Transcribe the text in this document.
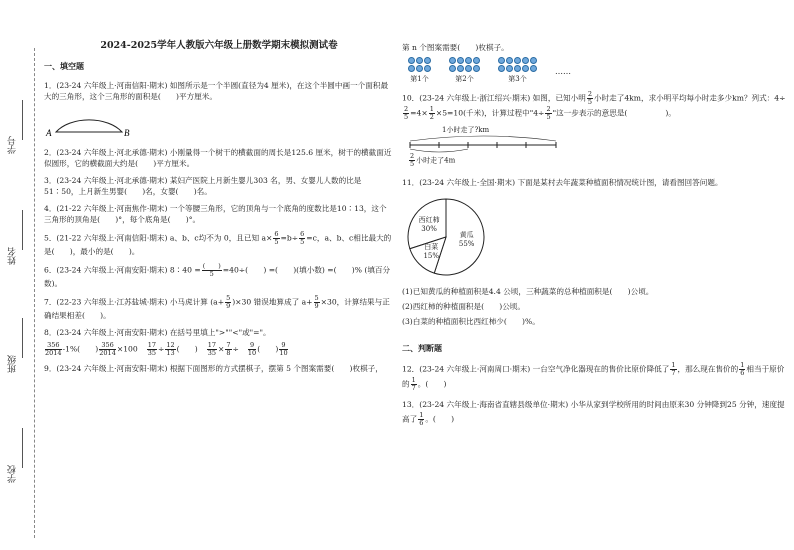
学号
姓名
班级
学校
2024-2025学年人教版六年级上册数学期末模拟测试卷
一、填空题

1．(23-24 六年级上·河南信阳·期末) 如图所示是一个半圆(直径为4 厘米)，在这个半圆中画一个面积最大的三角形，这个三角形的面积是(　　)平方厘米。

A	B

2．(23-24 六年级上·河北承德·期末) 小刚量得一个树干的横截面的周长是125.6 厘米，树干的横截面近似圆形，它的横截面大约是(　　)平方厘米。

3．(23-24 六年级上·河北承德·期末) 某妇产医院上月新生婴儿303 名，男、女婴儿人数的比是51∶50，上月新生男婴(　　)名，女婴(　　)名。

4．(21-22 六年级上·河南焦作·期末) 一个等腰三角形，它的顶角与一个底角的度数比是10∶13，这个三角形的顶角是(　　)°，每个底角是(　　)°。

5．(21-22 六年级上·河南信阳·期末) a、b、c均不为 0，且已知 $a\times \frac{6}{5} =b\div \frac{6}{5} =c$，a、b、c相比最大的是(　　)，最小的是(　　)。

6．(23-24 六年级上·河南安阳·期末) 8∶40 = $\frac{( )}{5} =40\div$(　　) =(　　)(填小数) =(　　)% (填百分数)。

7．(22-23 六年级上·江苏盐城·期末) 小马虎计算 $(a+ \frac{5}{9} )\times 30$ 错误地算成了 $a+ \frac{5}{9} \times 30$，计算结果与正确结果相差(　　)。

8．(23-24 六年级上·河南安阳·期末) 在括号里填上">""<"或"="。

$\frac{356}{2014} -1\%$(　　) $\frac{356}{2014} \times 100 \frac{17}{35} \div \frac{12}{13}$ (　　) $\frac{17}{35} \times \frac{7}{8} \div \frac{9}{10}$ (　　) $\frac{9}{10}$

9．(23-24 六年级上·河南安阳·期末) 根据下面图形的方式摆棋子，摆第 5 个图案需要(　　)枚棋子，

第 n 个图案需要(　　)枚棋子。

第1个	第2个	第3个
……

10．(23-24 六年级上·浙江绍兴·期末) 如图，已知小明 $\frac{2}{5}$ 小时走了4km，求小明平均每小时走多少km？列式：4÷
$\frac{2}{5} =4\times \frac{1}{2} \times 5=10$(千米)，计算过程中"$4\div \frac{2}{5}$ "这一步表示的意思是(　　　　　)。

1小时走了?km
$\frac{2}{5}$ 小时走了4m

11．(23-24 六年级上·全国·期末) 下面是某村去年蔬菜种植面积情况统计图，请看图回答问题。

西红柿
30%
黄瓜
55%
白菜
15%

(1)已知黄瓜的种植面积是4.4 公顷，三种蔬菜的总种植面积是(　　)公顷。

(2)西红柿的种植面积是(　　)公顷。

(3)白菜的种植面积比西红柿少(　　)%。

二、判断题

12．(23-24 六年级上·河南周口·期末) 一台空气净化器现在的售价比原价降低了 $\frac{1}{7}$ ，那么现在售价的 $\frac{1}{6}$ 相当于原价的 $\frac{1}{7}$ 。(　　)

13．(23-24 六年级上·海南省直辖县级单位·期末) 小华从家到学校所用的时间由原来30 分钟降到25 分钟，速度提高了 $\frac{1}{6}$ 。(　　)
